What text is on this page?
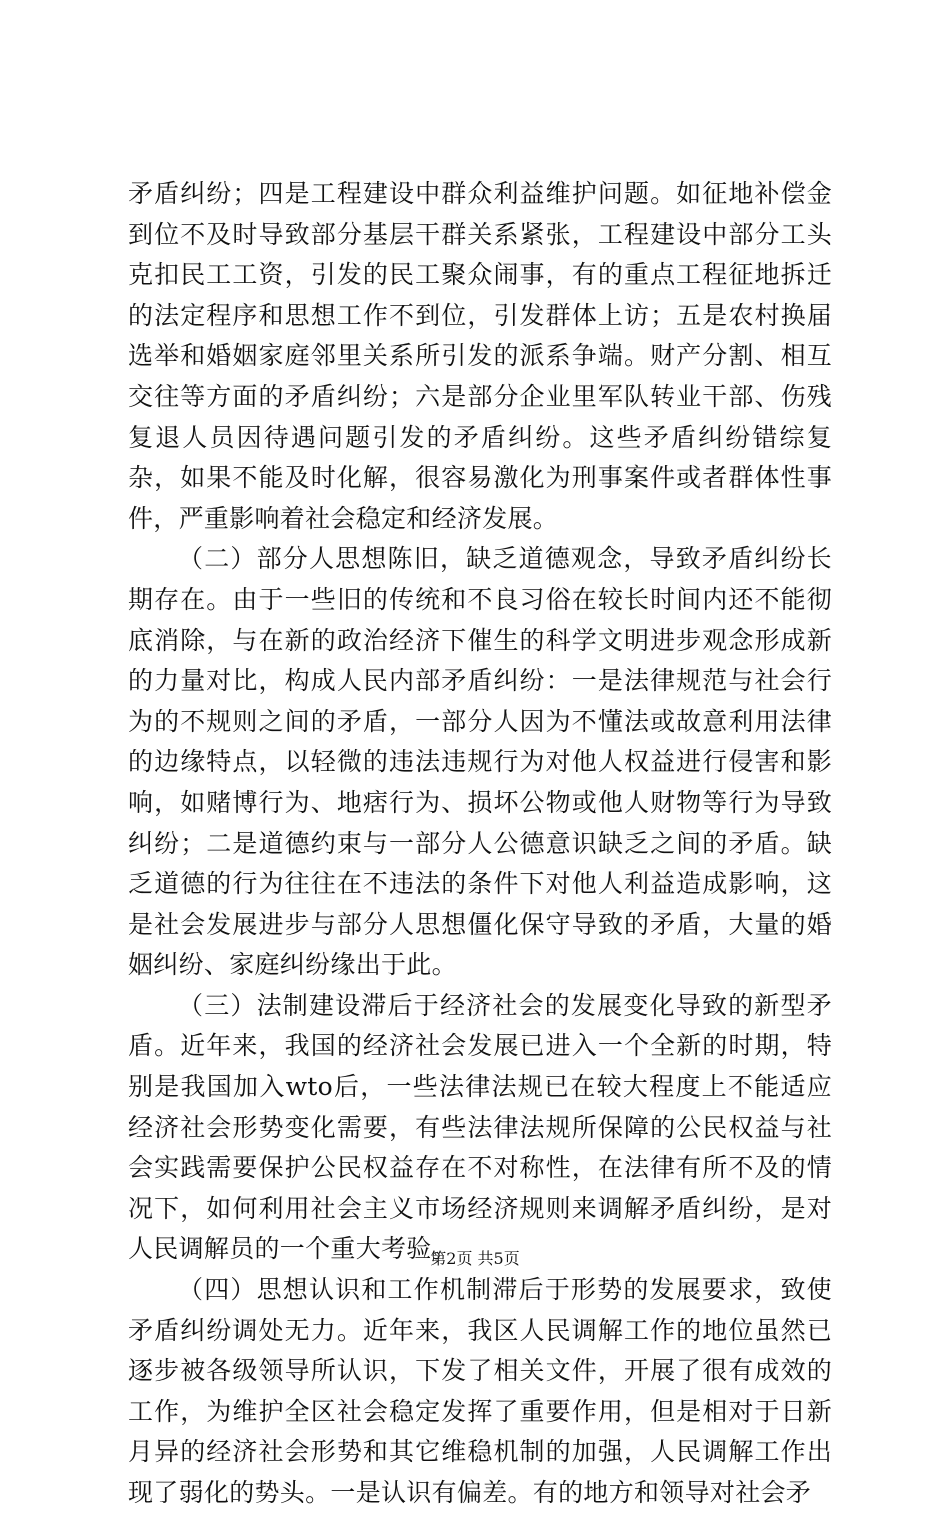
矛盾纠纷；四是工程建设中群众利益维护问题。如征地补偿金到位不及时导致部分基层干群关系紧张，工程建设中部分工头克扣民工工资，引发的民工聚众闹事，有的重点工程征地拆迁的法定程序和思想工作不到位，引发群体上访；五是农村换届选举和婚姻家庭邻里关系所引发的派系争端。财产分割、相互交往等方面的矛盾纠纷；六是部分企业里军队转业干部、伤残复退人员因待遇问题引发的矛盾纠纷。这些矛盾纠纷错综复杂，如果不能及时化解，很容易激化为刑事案件或者群体性事件，严重影响着社会稳定和经济发展。

（二）部分人思想陈旧，缺乏道德观念，导致矛盾纠纷长期存在。由于一些旧的传统和不良习俗在较长时间内还不能彻底消除，与在新的政治经济下催生的科学文明进步观念形成新的力量对比，构成人民内部矛盾纠纷：一是法律规范与社会行为的不规则之间的矛盾，一部分人因为不懂法或故意利用法律的边缘特点，以轻微的违法违规行为对他人权益进行侵害和影响，如赌博行为、地痞行为、损坏公物或他人财物等行为导致纠纷；二是道德约束与一部分人公德意识缺乏之间的矛盾。缺乏道德的行为往往在不违法的条件下对他人利益造成影响，这是社会发展进步与部分人思想僵化保守导致的矛盾，大量的婚姻纠纷、家庭纠纷缘出于此。

（三）法制建设滞后于经济社会的发展变化导致的新型矛盾。近年来，我国的经济社会发展已进入一个全新的时期，特别是我国加入wto后，一些法律法规已在较大程度上不能适应经济社会形势变化需要，有些法律法规所保障的公民权益与社会实践需要保护公民权益存在不对称性，在法律有所不及的情况下，如何利用社会主义市场经济规则来调解矛盾纠纷，是对人民调解员的一个重大考验。

（四）思想认识和工作机制滞后于形势的发展要求，致使矛盾纠纷调处无力。近年来，我区人民调解工作的地位虽然已逐步被各级领导所认识，下发了相关文件，开展了很有成效的工作，为维护全区社会稳定发挥了重要作用，但是相对于日新月异的经济社会形势和其它维稳机制的加强，人民调解工作出现了弱化的势头。一是认识有偏差。有的地方和领导对社会矛

第2页 共5页
